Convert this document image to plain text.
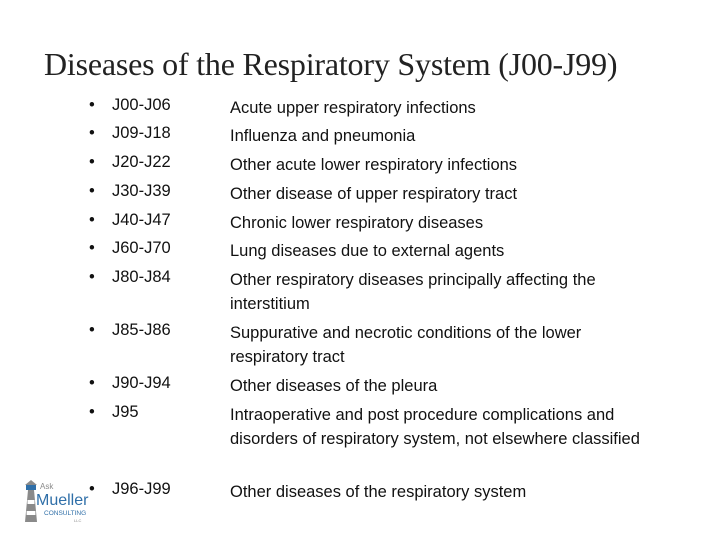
Diseases of the Respiratory System (J00-J99)
• J00-J06	Acute upper respiratory infections
• J09-J18	Influenza and pneumonia
• J20-J22	Other acute lower respiratory infections
• J30-J39	Other disease of upper respiratory tract
• J40-J47	Chronic lower respiratory diseases
• J60-J70	Lung diseases due to external agents
• J80-J84	Other respiratory diseases principally affecting the interstitium
• J85-J86	Suppurative and necrotic conditions of the lower respiratory tract
• J90-J94	Other diseases of the pleura
• J95	Intraoperative and post procedure complications and disorders of respiratory system, not elsewhere classified
• J96-J99	Other diseases of the respiratory system
Ask
Mueller
CONSULTING
LLC
